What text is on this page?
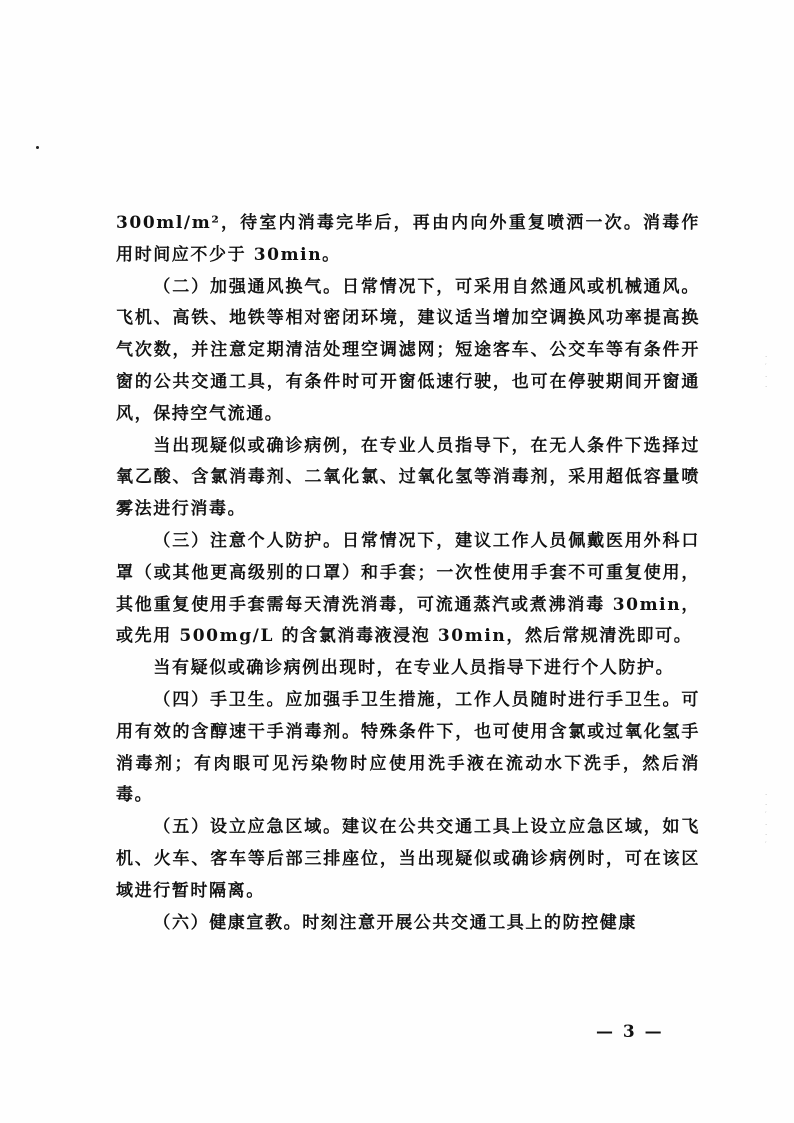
·
′
·
·
·
·
′
·
·
′

300ml/m²，待室内消毒完毕后，再由内向外重复喷洒一次。消毒作用时间应不少于 30min。

（二）加强通风换气。日常情况下，可采用自然通风或机械通风。飞机、高铁、地铁等相对密闭环境，建议适当增加空调换风功率提高换气次数，并注意定期清洁处理空调滤网；短途客车、公交车等有条件开窗的公共交通工具，有条件时可开窗低速行驶，也可在停驶期间开窗通风，保持空气流通。

当出现疑似或确诊病例，在专业人员指导下，在无人条件下选择过氧乙酸、含氯消毒剂、二氧化氯、过氧化氢等消毒剂，采用超低容量喷雾法进行消毒。

（三）注意个人防护。日常情况下，建议工作人员佩戴医用外科口罩（或其他更高级别的口罩）和手套；一次性使用手套不可重复使用，其他重复使用手套需每天清洗消毒，可流通蒸汽或煮沸消毒 30min，或先用 500mg/L 的含氯消毒液浸泡 30min，然后常规清洗即可。

当有疑似或确诊病例出现时，在专业人员指导下进行个人防护。

（四）手卫生。应加强手卫生措施，工作人员随时进行手卫生。可用有效的含醇速干手消毒剂。特殊条件下，也可使用含氯或过氧化氢手消毒剂；有肉眼可见污染物时应使用洗手液在流动水下洗手，然后消毒。

（五）设立应急区域。建议在公共交通工具上设立应急区域，如飞机、火车、客车等后部三排座位，当出现疑似或确诊病例时，可在该区域进行暂时隔离。

（六）健康宣教。时刻注意开展公共交通工具上的防控健康

— 3 —
